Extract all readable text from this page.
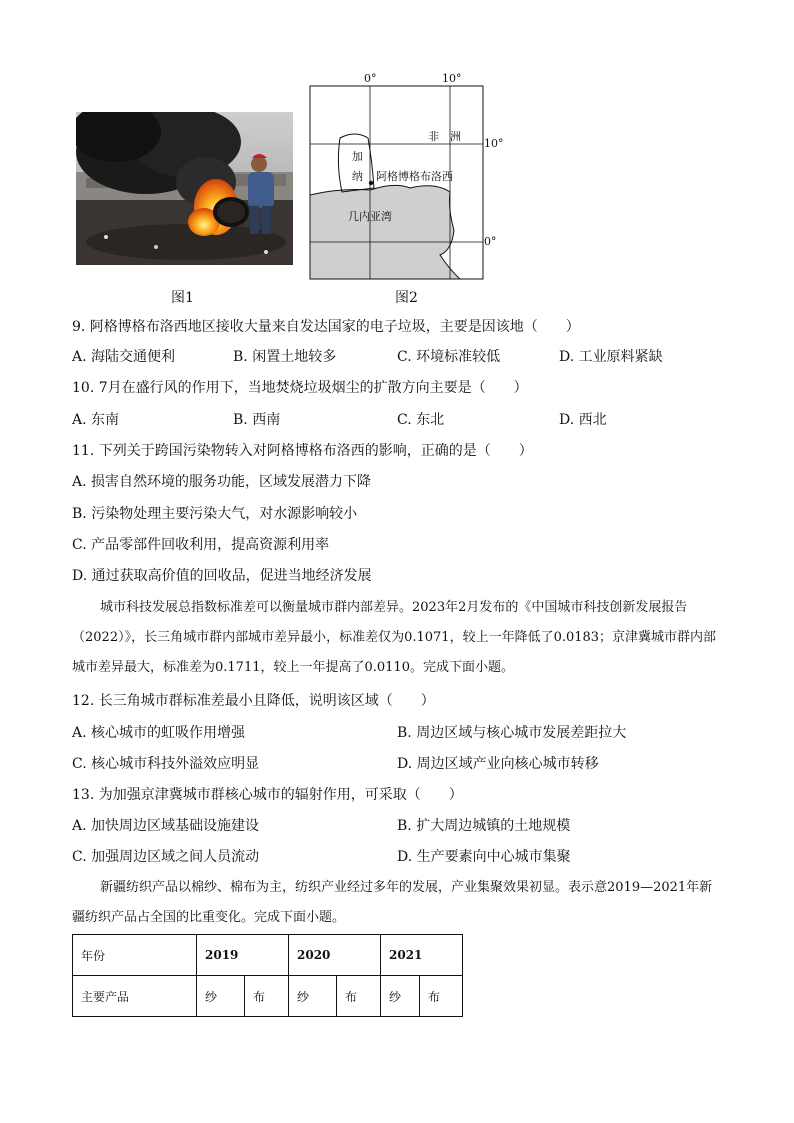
0°	10°
10°
0°
非　洲
加
纳 阿格博格布洛西
几内亚湾
图1	图2
9. 阿格博格布洛西地区接收大量来自发达国家的电子垃圾，主要是因该地（　　）
A. 海陆交通便利	B. 闲置土地较多	C. 环境标准较低	D. 工业原料紧缺
10. 7月在盛行风的作用下，当地焚烧垃圾烟尘的扩散方向主要是（　　）
A. 东南	B. 西南	C. 东北	D. 西北
11. 下列关于跨国污染物转入对阿格博格布洛西的影响，正确的是（　　）
A. 损害自然环境的服务功能，区域发展潜力下降
B. 污染物处理主要污染大气，对水源影响较小
C. 产品零部件回收利用，提高资源利用率
D. 通过获取高价值的回收品，促进当地经济发展
城市科技发展总指数标准差可以衡量城市群内部差异。2023年2月发布的《中国城市科技创新发展报告（2022）》，长三角城市群内部城市差异最小，标准差仅为0.1071，较上一年降低了0.0183；京津冀城市群内部城市差异最大，标准差为0.1711，较上一年提高了0.0110。完成下面小题。
12. 长三角城市群标准差最小且降低，说明该区域（　　）
A. 核心城市的虹吸作用增强	B. 周边区域与核心城市发展差距拉大
C. 核心城市科技外溢效应明显	D. 周边区域产业向核心城市转移
13. 为加强京津冀城市群核心城市的辐射作用，可采取（　　）
A. 加快周边区域基础设施建设	B. 扩大周边城镇的土地规模
C. 加强周边区域之间人员流动	D. 生产要素向中心城市集聚
新疆纺织产品以棉纱、棉布为主，纺织产业经过多年的发展，产业集聚效果初显。表示意2019—2021年新疆纺织产品占全国的比重变化。完成下面小题。
年份	2019		2020		2021	
主要产品	纱	布	纱	布	纱	布
